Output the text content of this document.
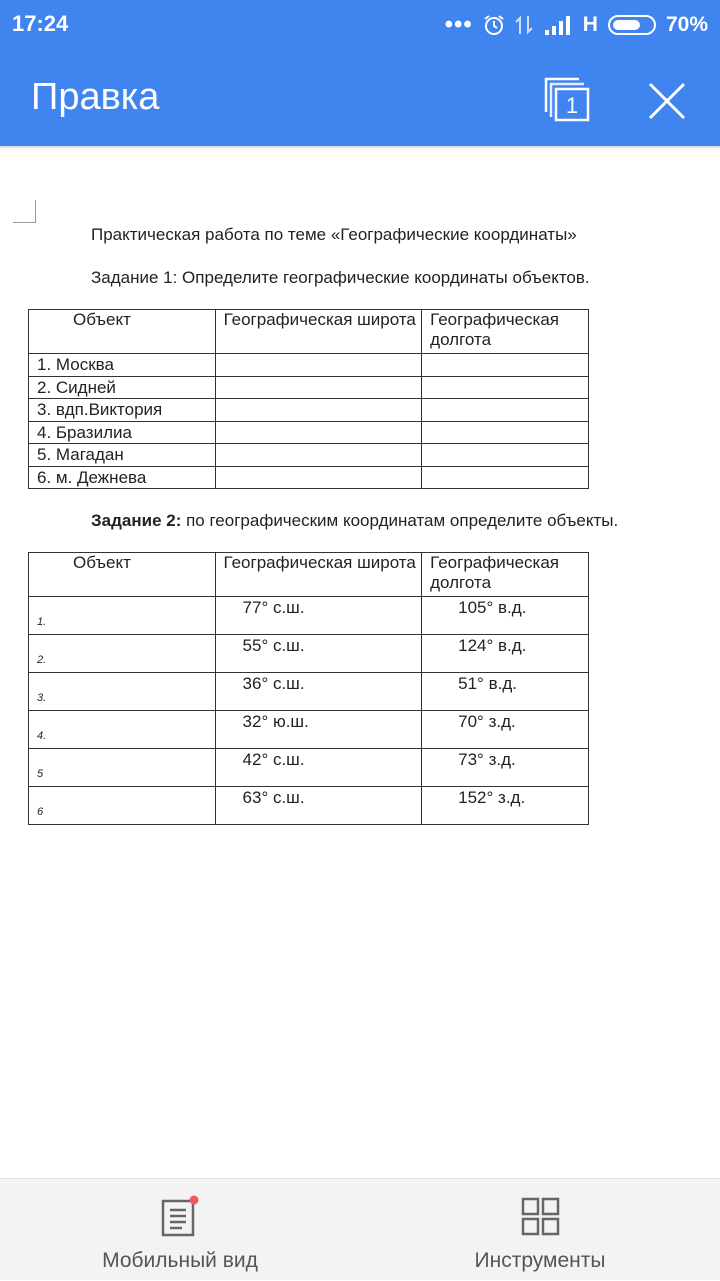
17:24	•••	H	70%
Правка	1
Практическая работа по теме «Географические координаты»
Задание 1: Определите географические координаты объектов.
Объект	Географическая широта	Географическая долгота
1. Москва		
2. Сидней		
3. вдп.Виктория		
4. Бразилиа		
5. Магадан		
6. м. Дежнева		
Задание 2: по географическим координатам определите объекты.
Объект	Географическая широта	Географическая долгота
1.	77° с.ш.	105° в.д.
2.	55° с.ш.	124° в.д.
3.	36° с.ш.	51° в.д.
4.	32° ю.ш.	70° з.д.
5	42° с.ш.	73° з.д.
6	63° с.ш.	152° з.д.
Мобильный вид	Инструменты
